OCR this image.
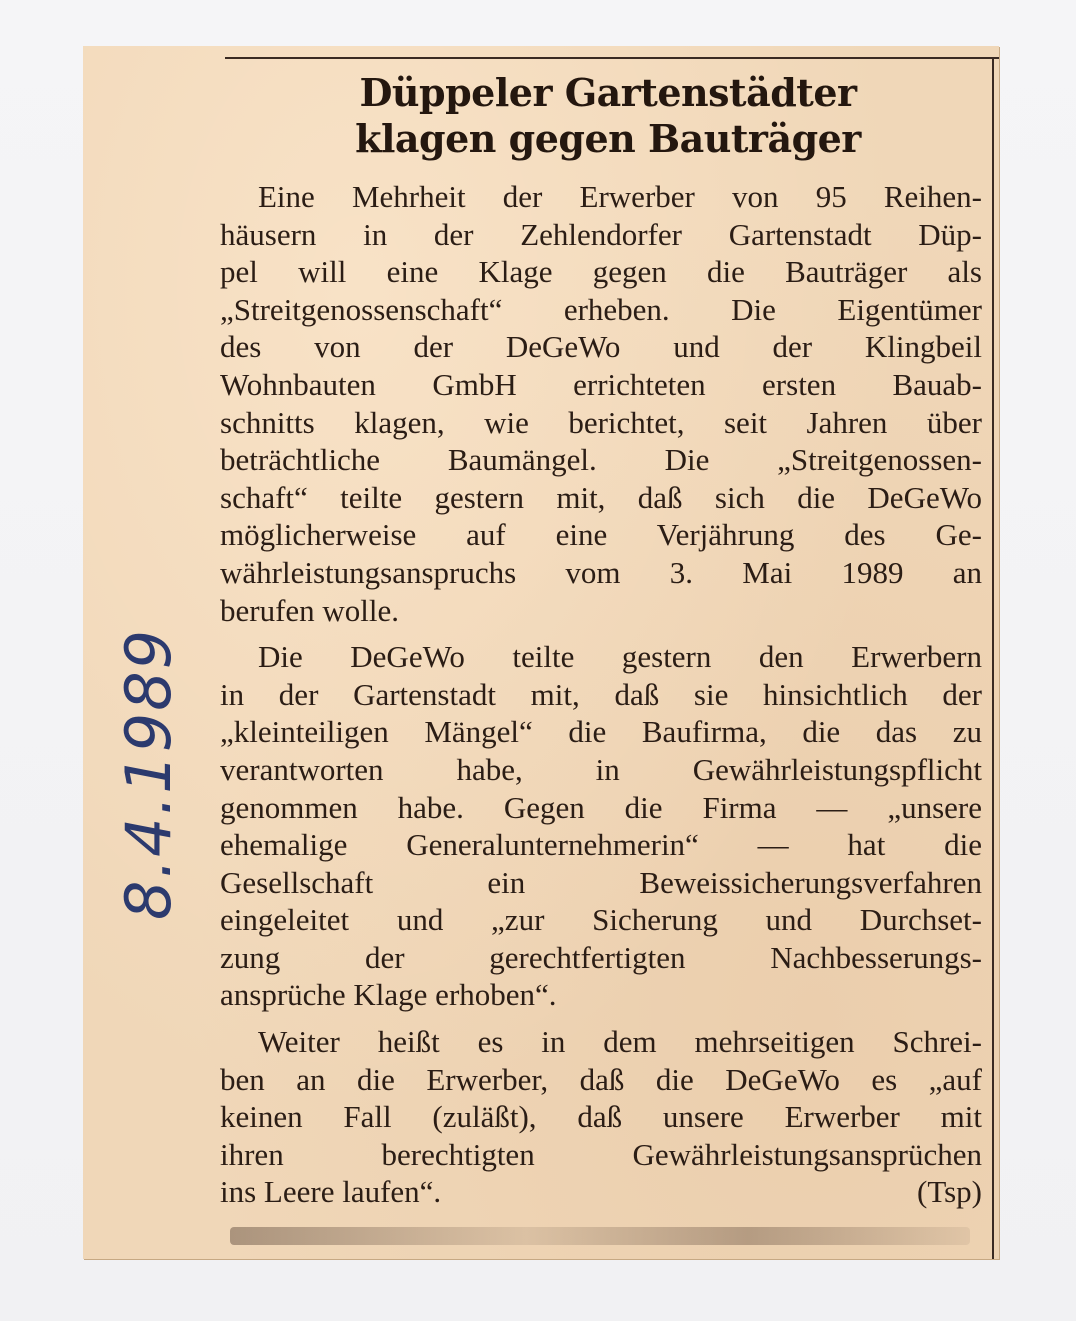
Düppeler Gartenstädter
klagen gegen Bauträger
Eine Mehrheit der Erwerber von 95 Reihen-
häusern in der Zehlendorfer Gartenstadt Düp-
pel will eine Klage gegen die Bauträger als
„Streitgenossenschaft“ erheben. Die Eigentümer
des von der DeGeWo und der Klingbeil
Wohnbauten GmbH errichteten ersten Bauab-
schnitts klagen, wie berichtet, seit Jahren über
beträchtliche Baumängel. Die „Streitgenossen-
schaft“ teilte gestern mit, daß sich die DeGeWo
möglicherweise auf eine Verjährung des Ge-
währleistungsanspruchs vom 3. Mai 1989 an
berufen wolle.
Die DeGeWo teilte gestern den Erwerbern
in der Gartenstadt mit, daß sie hinsichtlich der
„kleinteiligen Mängel“ die Baufirma, die das zu
verantworten habe, in Gewährleistungspflicht
genommen habe. Gegen die Firma — „unsere
ehemalige Generalunternehmerin“ — hat die
Gesellschaft ein Beweissicherungsverfahren
eingeleitet und „zur Sicherung und Durchset-
zung der gerechtfertigten Nachbesserungs-
ansprüche Klage erhoben“.
Weiter heißt es in dem mehrseitigen Schrei-
ben an die Erwerber, daß die DeGeWo es „auf
keinen Fall (zuläßt), daß unsere Erwerber mit
ihren berechtigten Gewährleistungsansprüchen
ins Leere laufen“.	(Tsp)
8.4.1989
